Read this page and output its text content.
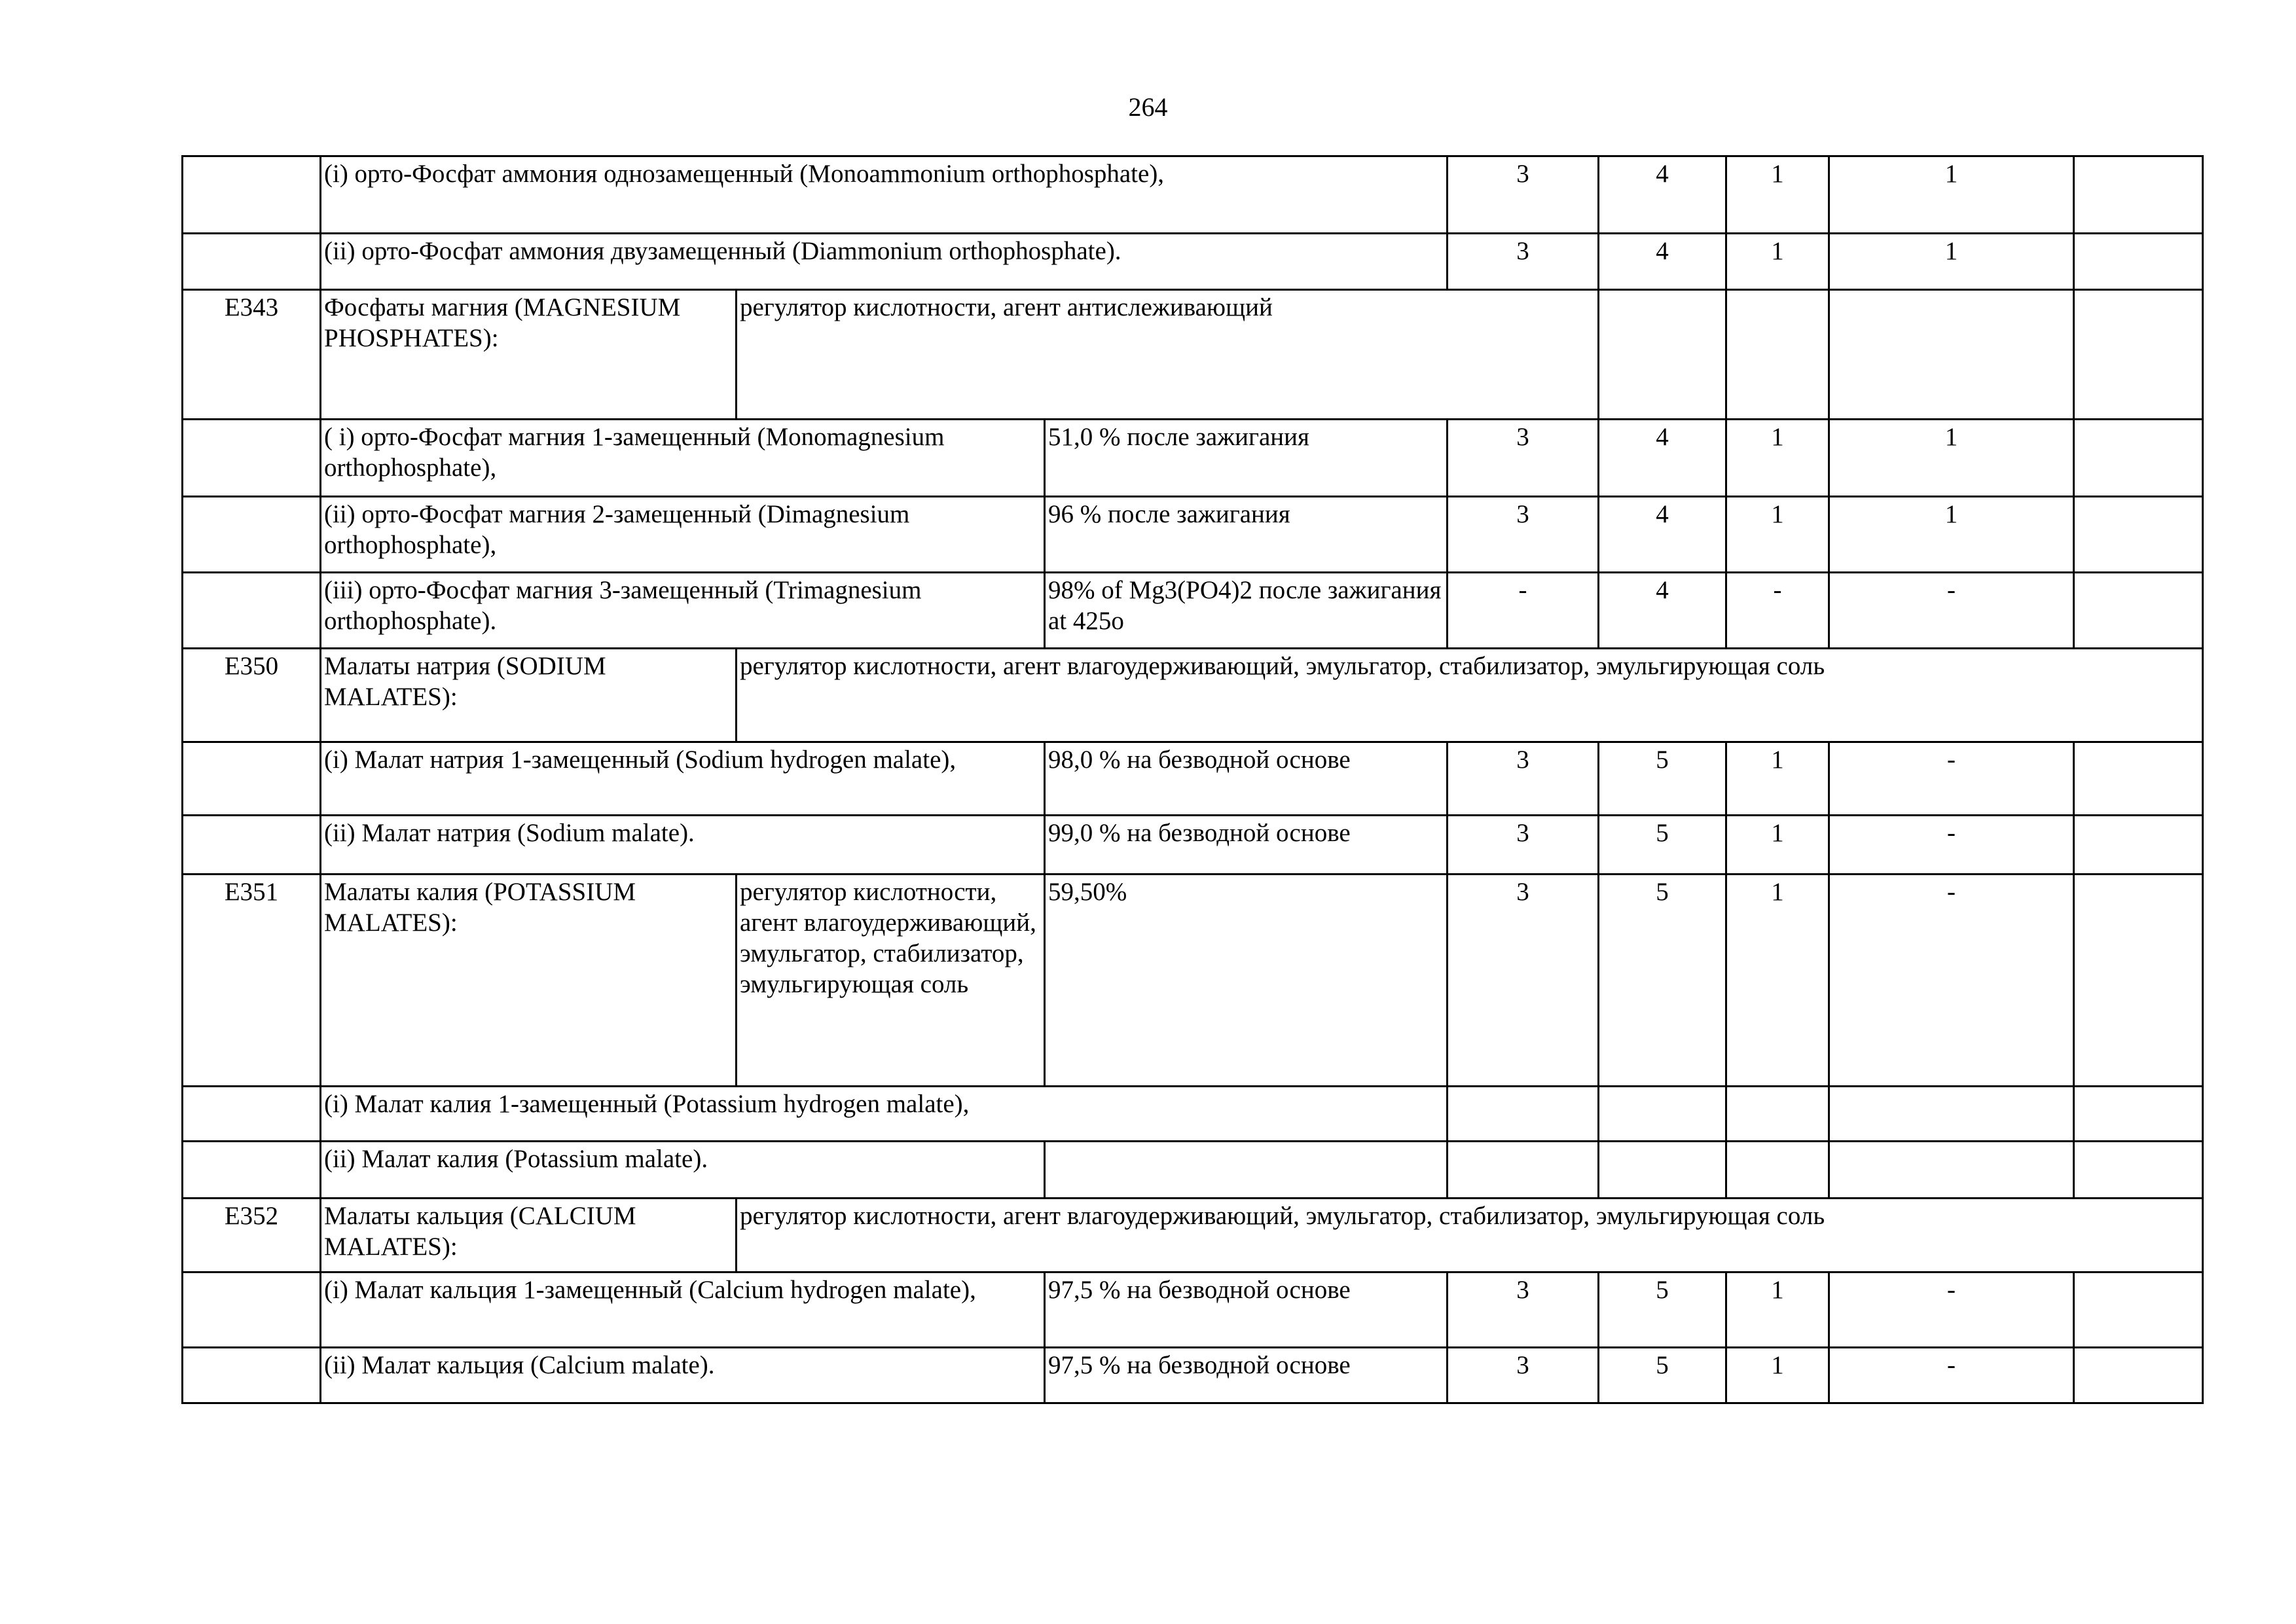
264
	(i) орто-Фосфат аммония однозамещенный (Monoammonium orthophosphate),			3	4	1	1	
	(ii) орто-Фосфат аммония двузамещенный (Diammonium orthophosphate).			3	4	1	1	
E343	Фосфаты магния (MAGNESIUM PHOSPHATES):	регулятор кислотности, агент антислеживающий						
	( i) орто-Фосфат магния 1-замещенный (Monomagnesium orthophosphate),		51,0 % после зажигания	3	4	1	1	
	(ii) орто-Фосфат магния 2-замещенный (Dimagnesium orthophosphate),		96 % после зажигания	3	4	1	1	
	(iii) орто-Фосфат магния 3-замещенный (Trimagnesium orthophosphate).		98% of Mg3(PO4)2 после зажигания at 425o	-	4	-	-	
E350	Малаты натрия (SODIUM MALATES):	регулятор кислотности, агент влагоудерживающий, эмульгатор, стабилизатор, эмульгирующая соль						
	(i) Малат натрия 1-замещенный (Sodium hydrogen malate),		98,0 % на безводной основе	3	5	1	-	
	(ii) Малат натрия (Sodium malate).		99,0 % на безводной основе	3	5	1	-	
E351	Малаты калия (POTASSIUM MALATES):	регулятор кислотности, агент влагоудерживающий, эмульгатор, стабилизатор, эмульгирующая соль	59,50%	3	5	1	-	
	(i) Малат калия 1-замещенный (Potassium hydrogen malate),							
	(ii) Малат калия (Potassium malate).							
E352	Малаты кальция (CALCIUM MALATES):	регулятор кислотности, агент влагоудерживающий, эмульгатор, стабилизатор, эмульгирующая соль						
	(i) Малат кальция 1-замещенный (Calcium hydrogen malate),		97,5 % на безводной основе	3	5	1	-	
	(ii) Малат кальция (Calcium malate).		97,5 % на безводной основе	3	5	1	-	
